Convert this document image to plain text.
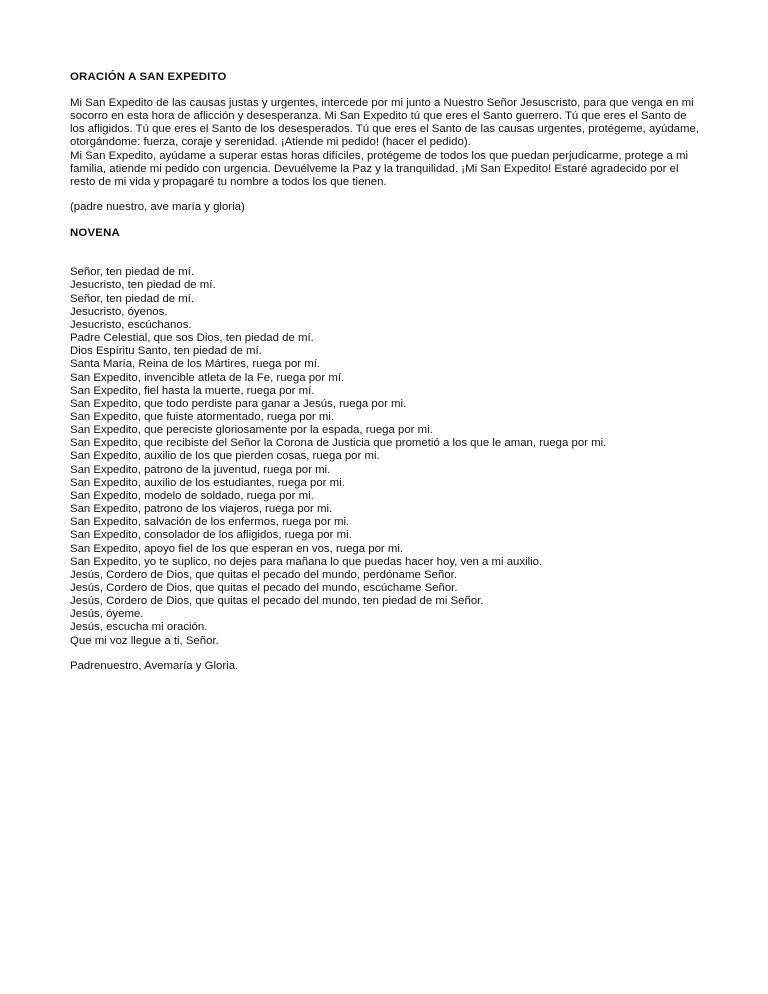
ORACIÓN A SAN EXPEDITO
Mi San Expedito de las causas justas y urgentes, intercede por mi junto a Nuestro Señor Jesuscristo, para que venga en mi
socorro en esta hora de aflicción y desesperanza. Mi San Expedito tú que eres el Santo guerrero. Tú que eres el Santo de
los afligidos. Tú que eres el Santo de los desesperados. Tú que eres el Santo de las causas urgentes, protégeme, ayúdame,
otorgándome: fuerza, coraje y serenidad. ¡Atiende mi pedido! (hacer el pedido).
Mi San Expedito, ayúdame a superar estas horas difíciles, protégeme de todos los que puedan perjudicarme, protege a mi
familia, atiende mi pedido con urgencia. Devuélveme la Paz y la tranquilidad. ¡Mi San Expedito! Estaré agradecido por el
resto de mi vida y propagaré tu nombre a todos los que tienen.
(padre nuestro, ave maría y gloria)
NOVENA
Señor, ten piedad de mí.
Jesucristo, ten piedad de mí.
Señor, ten piedad de mí.
Jesucristo, óyenos.
Jesucristo, escúchanos.
Padre Celestial, que sos Dios, ten piedad de mí.
Dios Espíritu Santo, ten piedad de mí.
Santa María, Reina de los Mártires, ruega por mí.
San Expedito, invencible atleta de la Fe, ruega por mí.
San Expedito, fiel hasta la muerte, ruega por mí.
San Expedito, que todo perdiste para ganar a Jesús, ruega por mi.
San Expedito, que fuiste atormentado, ruega por mi.
San Expedito, que pereciste gloriosamente por la espada, ruega por mi.
San Expedito, que recibiste del Señor la Corona de Justicia que prometió a los que le aman, ruega por mi.
San Expedito, auxilio de los que pierden cosas, ruega por mi.
San Expedito, patrono de la juventud, ruega por mi.
San Expedito, auxilio de los estudiantes, ruega por mi.
San Expedito, modelo de soldado, ruega por mi.
San Expedito, patrono de los viajeros, ruega por mi.
San Expedito, salvación de los enfermos, ruega por mi.
San Expedito, consolador de los afligidos, ruega por mi.
San Expedito, apoyo fiel de los que esperan en vos, ruega por mi.
San Expedito, yo te suplico, no dejes para mañana lo que puedas hacer hoy, ven a mi auxilio.
Jesús, Cordero de Dios, que quitas el pecado del mundo, perdóname Señor.
Jesús, Cordero de Dios, que quitas el pecado del mundo, escúchame Señor.
Jesús, Cordero de Dios, que quitas el pecado del mundo, ten piedad de mi Señor.
Jesús, óyeme.
Jesús, escucha mi oración.
Que mi voz llegue a ti, Señor.
Padrenuestro, Avemaría y Gloria.
